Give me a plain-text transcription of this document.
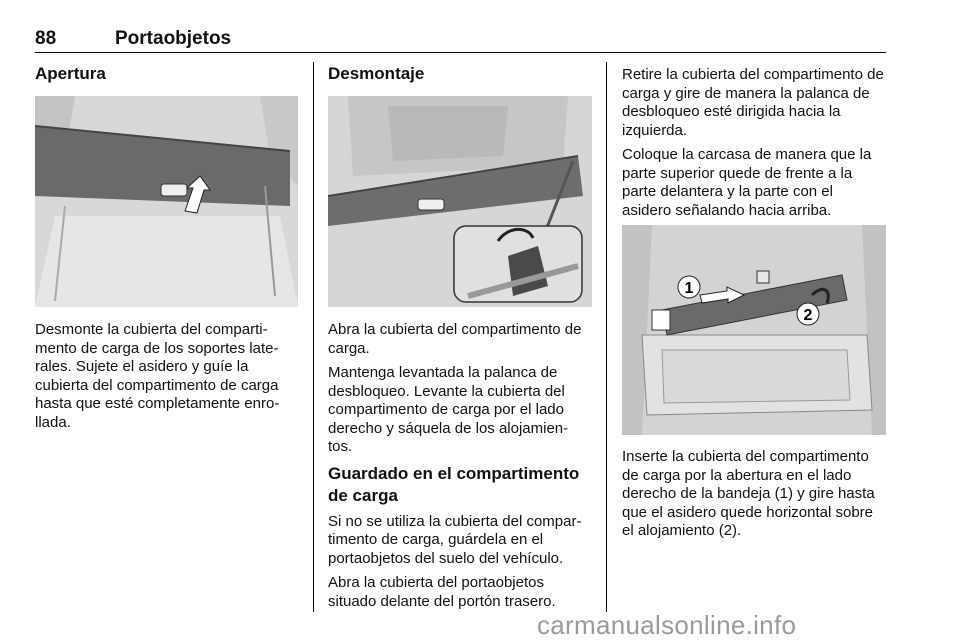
88	Portaobjetos
Apertura

Desmonte la cubierta del comparti-mento de carga de los soportes late-rales. Sujete el asidero y guíe la cubierta del compartimento de carga hasta que esté completamente enro-llada.

Desmontaje

Abra la cubierta del compartimento de carga.

Mantenga levantada la palanca de desbloqueo. Levante la cubierta del compartimento de carga por el lado derecho y sáquela de los alojamien-tos.

Guardado en el compartimento de carga

Si no se utiliza la cubierta del compar-timento de carga, guárdela en el portaobjetos del suelo del vehículo.

Abra la cubierta del portaobjetos situado delante del portón trasero.

Retire la cubierta del compartimento de carga y gire de manera la palanca de desbloqueo esté dirigida hacia la izquierda.

Coloque la carcasa de manera que la parte superior quede de frente a la parte delantera y la parte con el asidero señalando hacia arriba.

1
2

Inserte la cubierta del compartimento de carga por la abertura en el lado derecho de la bandeja (1) y gire hasta que el asidero quede horizontal sobre el alojamiento (2).

carmanualsonline.info
